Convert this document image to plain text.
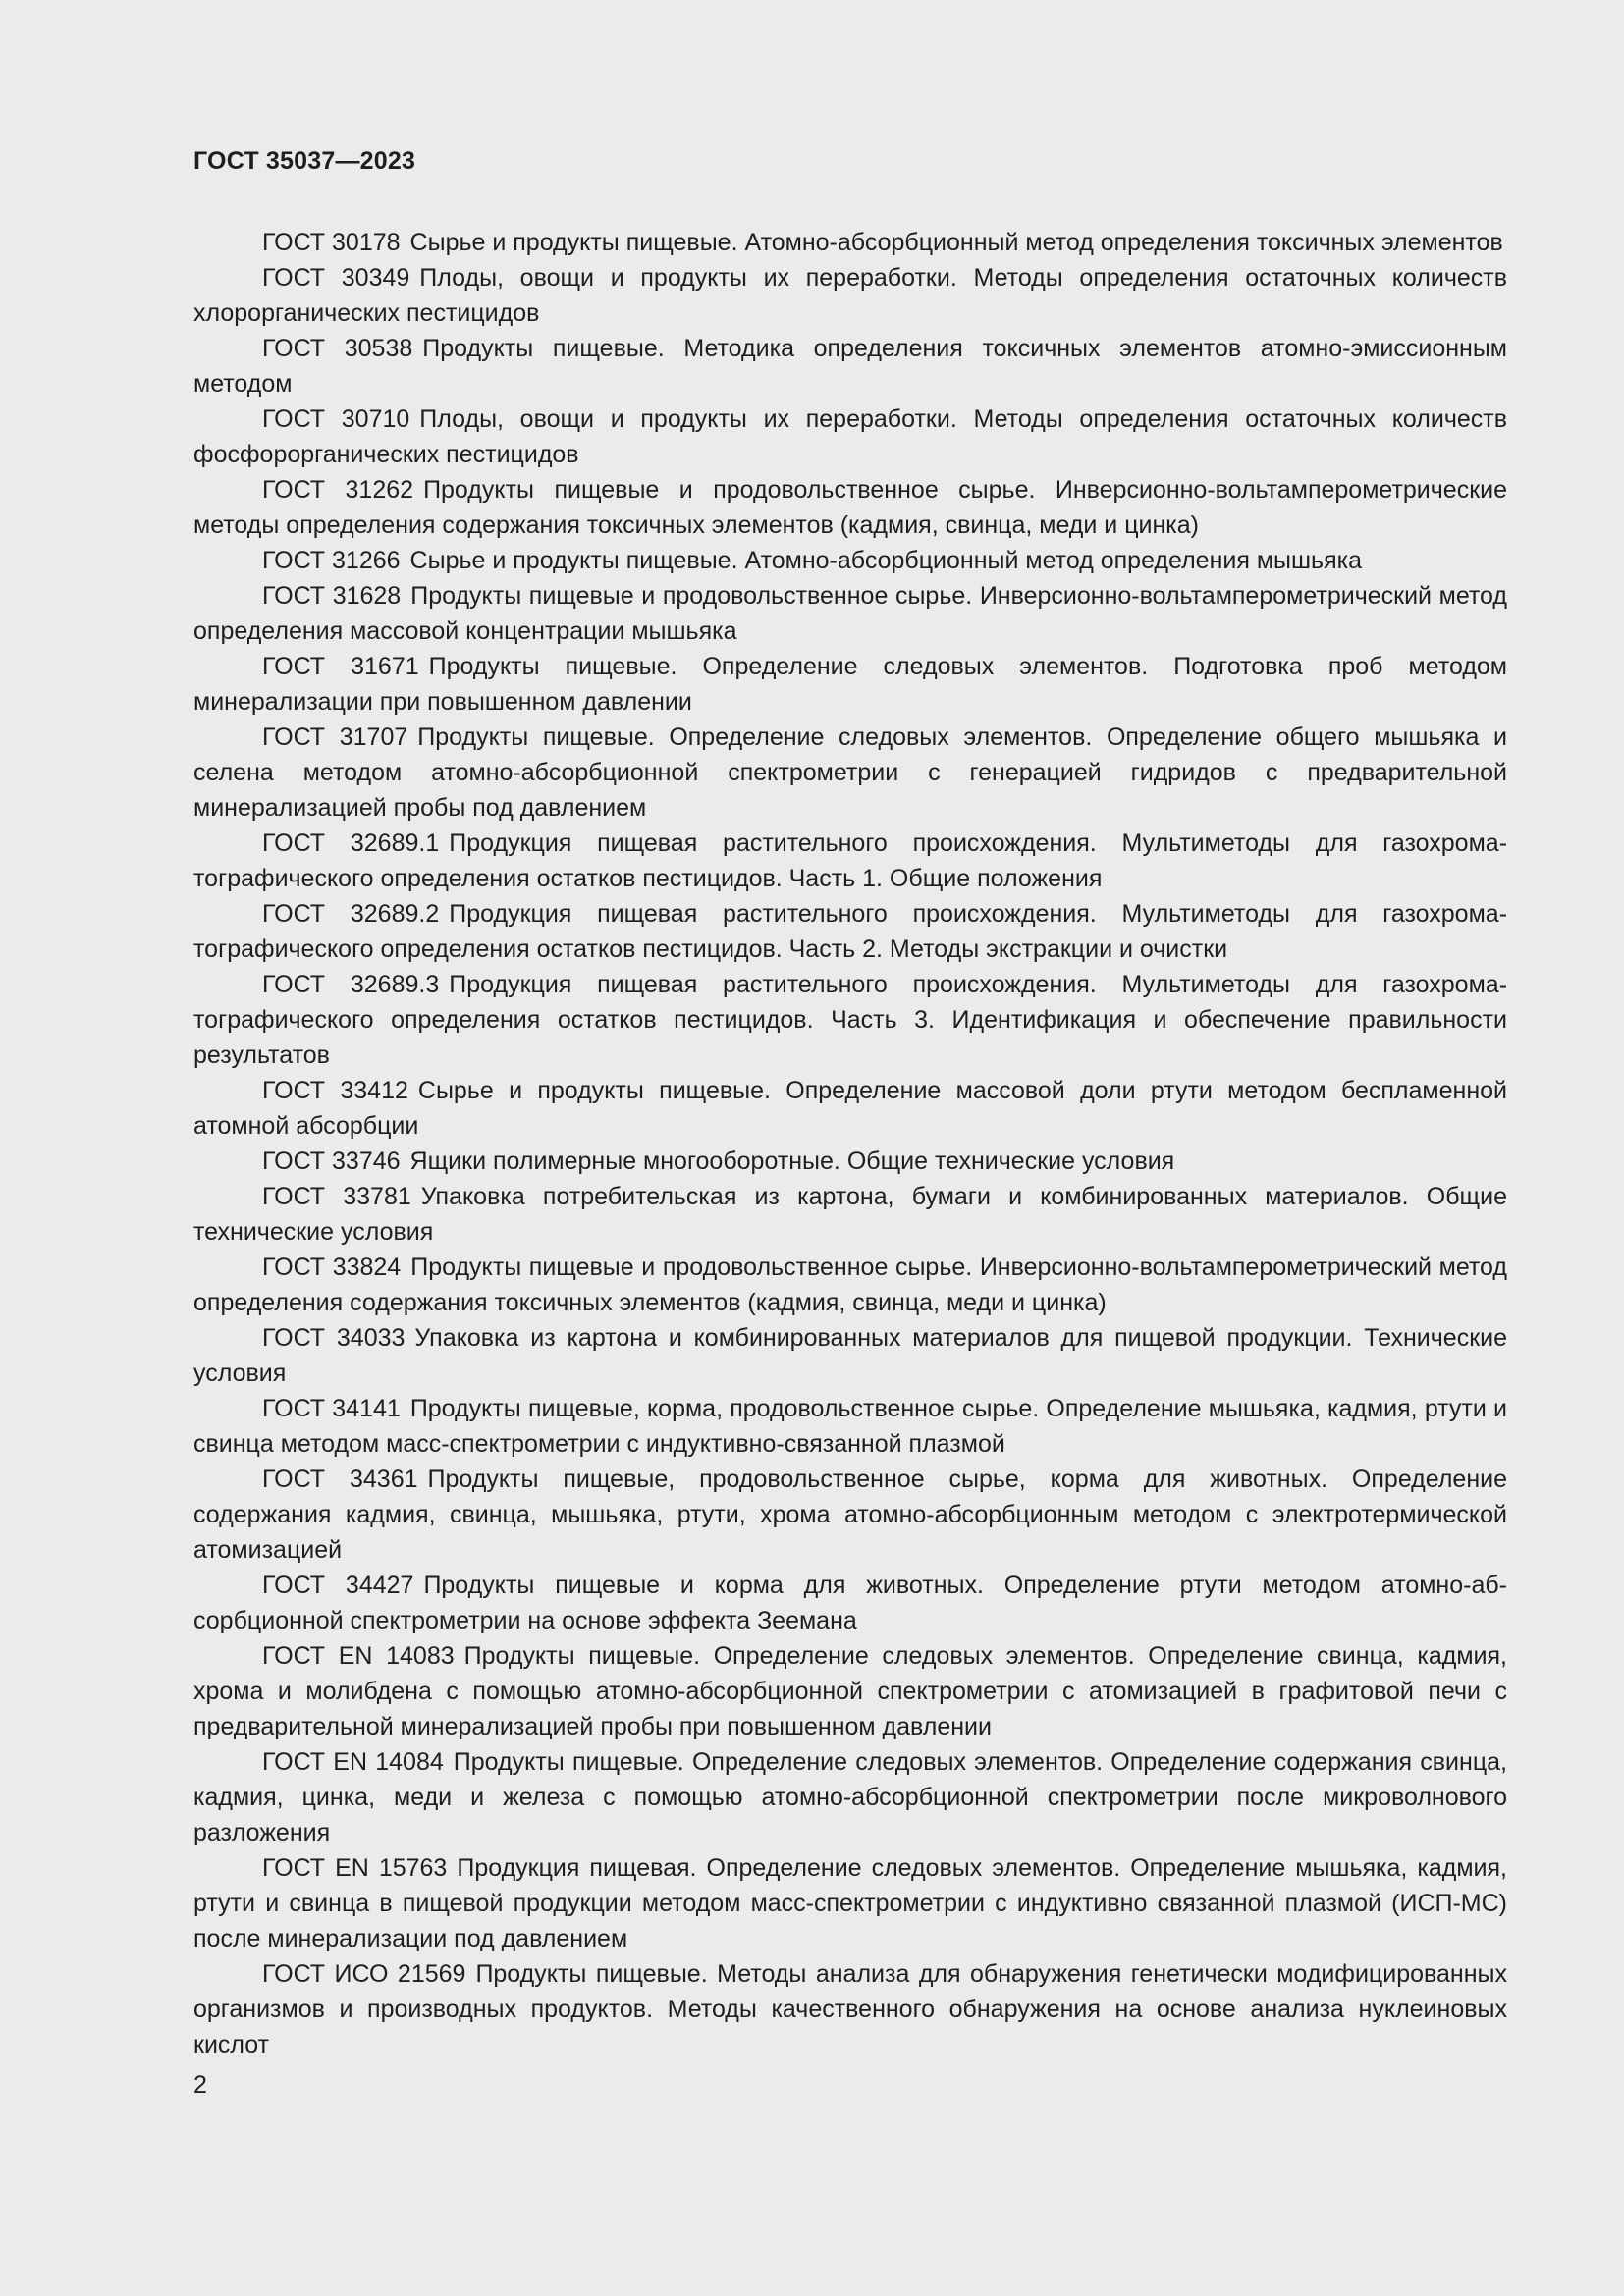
ГОСТ 35037—2023

ГОСТ 30178 Сырье и продукты пищевые. Атомно-абсорбционный метод определения токсичных элементов

ГОСТ 30349 Плоды, овощи и продукты их переработки. Методы определения остаточных количеств хлорорганических пестицидов

ГОСТ 30538 Продукты пищевые. Методика определения токсичных элементов атомно-эмиссионным методом

ГОСТ 30710 Плоды, овощи и продукты их переработки. Методы определения остаточных количеств фосфорорганических пестицидов

ГОСТ 31262 Продукты пищевые и продовольственное сырье. Инверсионно-вольтамперометрические методы определения содержания токсичных элементов (кадмия, свинца, меди и цинка)

ГОСТ 31266 Сырье и продукты пищевые. Атомно-абсорбционный метод определения мышьяка

ГОСТ 31628 Продукты пищевые и продовольственное сырье. Инверсионно-вольтамперометрический метод определения массовой концентрации мышьяка

ГОСТ 31671 Продукты пищевые. Определение следовых элементов. Подготовка проб методом минерализации при повышенном давлении

ГОСТ 31707 Продукты пищевые. Определение следовых элементов. Определение общего мышьяка и селена методом атомно-абсорбционной спектрометрии с генерацией гидридов с предварительной минерализацией пробы под давлением

ГОСТ 32689.1 Продукция пищевая растительного происхождения. Мультиметоды для газохроматографического определения остатков пестицидов. Часть 1. Общие положения

ГОСТ 32689.2 Продукция пищевая растительного происхождения. Мультиметоды для газохроматографического определения остатков пестицидов. Часть 2. Методы экстракции и очистки

ГОСТ 32689.3 Продукция пищевая растительного происхождения. Мультиметоды для газохроматографического определения остатков пестицидов. Часть 3. Идентификация и обеспечение правильности результатов

ГОСТ 33412 Сырье и продукты пищевые. Определение массовой доли ртути методом беспламенной атомной абсорбции

ГОСТ 33746 Ящики полимерные многооборотные. Общие технические условия

ГОСТ 33781 Упаковка потребительская из картона, бумаги и комбинированных материалов. Общие технические условия

ГОСТ 33824 Продукты пищевые и продовольственное сырье. Инверсионно-вольтамперометрический метод определения содержания токсичных элементов (кадмия, свинца, меди и цинка)

ГОСТ 34033 Упаковка из картона и комбинированных материалов для пищевой продукции. Технические условия

ГОСТ 34141 Продукты пищевые, корма, продовольственное сырье. Определение мышьяка, кадмия, ртути и свинца методом масс-спектрометрии с индуктивно-связанной плазмой

ГОСТ 34361 Продукты пищевые, продовольственное сырье, корма для животных. Определение содержания кадмия, свинца, мышьяка, ртути, хрома атомно-абсорбционным методом с электротермической атомизацией

ГОСТ 34427 Продукты пищевые и корма для животных. Определение ртути методом атомно-абсорбционной спектрометрии на основе эффекта Зеемана

ГОСТ EN 14083 Продукты пищевые. Определение следовых элементов. Определение свинца, кадмия, хрома и молибдена с помощью атомно-абсорбционной спектрометрии с атомизацией в графитовой печи с предварительной минерализацией пробы при повышенном давлении

ГОСТ EN 14084 Продукты пищевые. Определение следовых элементов. Определение содержания свинца, кадмия, цинка, меди и железа с помощью атомно-абсорбционной спектрометрии после микроволнового разложения

ГОСТ EN 15763 Продукция пищевая. Определение следовых элементов. Определение мышьяка, кадмия, ртути и свинца в пищевой продукции методом масс-спектрометрии с индуктивно связанной плазмой (ИСП-МС) после минерализации под давлением

ГОСТ ИСО 21569 Продукты пищевые. Методы анализа для обнаружения генетически модифицированных организмов и производных продуктов. Методы качественного обнаружения на основе анализа нуклеиновых кислот

2
